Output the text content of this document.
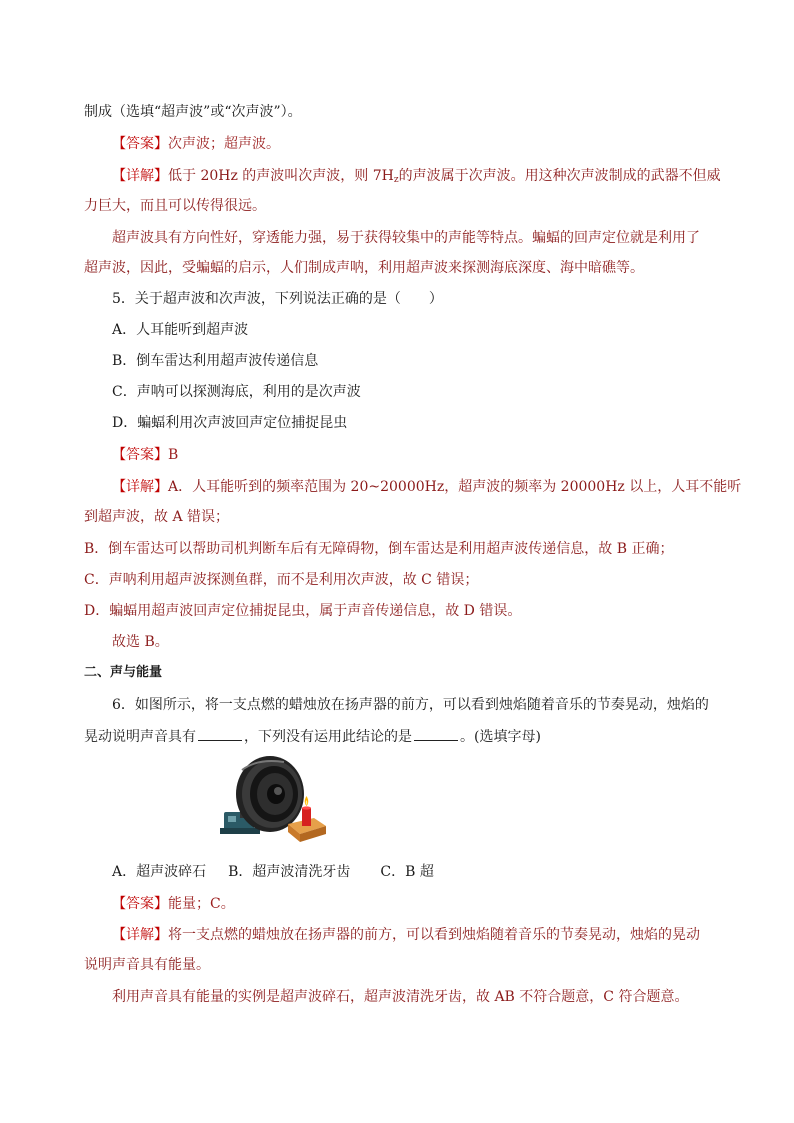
制成（选填“超声波”或“次声波”）。
【答案】次声波；超声波。
【详解】低于 20Hz 的声波叫次声波，则 $7H_z$的声波属于次声波。用这种次声波制成的武器不但威
力巨大，而且可以传得很远。
超声波具有方向性好，穿透能力强，易于获得较集中的声能等特点。蝙蝠的回声定位就是利用了
超声波，因此，受蝙蝠的启示，人们制成声呐，利用超声波来探测海底深度、海中暗礁等。
5．关于超声波和次声波，下列说法正确的是（　　）
A．人耳能听到超声波
B．倒车雷达利用超声波传递信息
C．声呐可以探测海底，利用的是次声波
D．蝙蝠利用次声波回声定位捕捉昆虫
【答案】B
【详解】A．人耳能听到的频率范围为 20~20000Hz，超声波的频率为 20000Hz 以上，人耳不能听
到超声波，故 A 错误；
B．倒车雷达可以帮助司机判断车后有无障碍物，倒车雷达是利用超声波传递信息，故 B 正确；
C．声呐利用超声波探测鱼群，而不是利用次声波，故 C 错误；
D．蝙蝠用超声波回声定位捕捉昆虫，属于声音传递信息，故 D 错误。
故选 B。
二、声与能量
6．如图所示，将一支点燃的蜡烛放在扬声器的前方，可以看到烛焰随着音乐的节奏晃动，烛焰的
晃动说明声音具有	，下列没有运用此结论的是	。(选填字母)
A．超声波碎石 B．超声波清洗牙齿 C．B 超
【答案】能量；C。
【详解】将一支点燃的蜡烛放在扬声器的前方，可以看到烛焰随着音乐的节奏晃动，烛焰的晃动
说明声音具有能量。
利用声音具有能量的实例是超声波碎石，超声波清洗牙齿，故 AB 不符合题意，C 符合题意。
